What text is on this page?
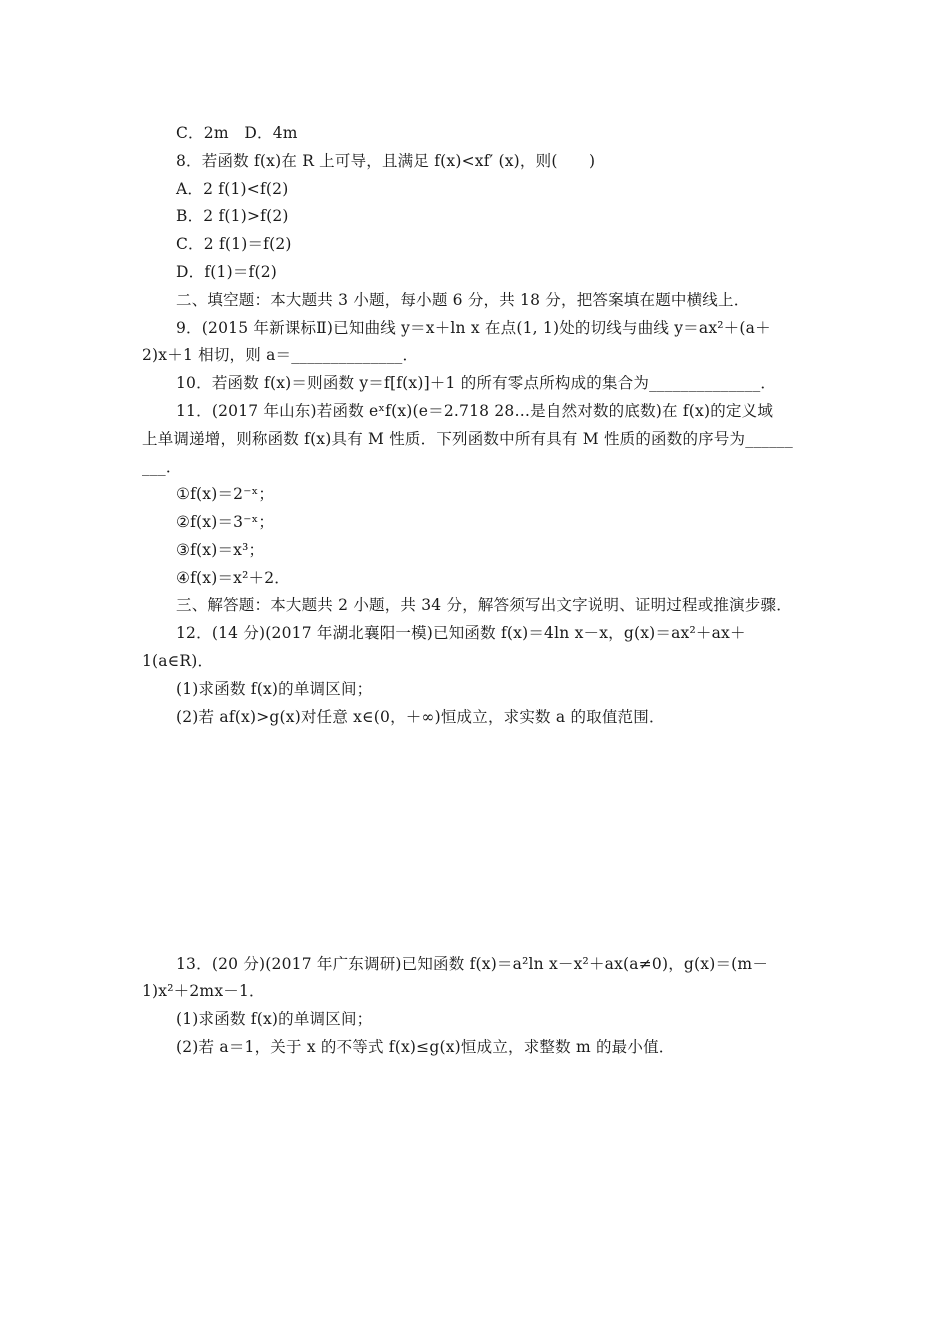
C．2m　D．4m
8．若函数 f(x)在 R 上可导，且满足 f(x)<xf′ (x)，则(　　)
A．2 f(1)<f(2)
B．2 f(1)>f(2)
C．2 f(1)＝f(2)
D．f(1)＝f(2)
二、填空题：本大题共 3 小题，每小题 6 分，共 18 分，把答案填在题中横线上．
9．(2015 年新课标Ⅱ)已知曲线 y＝x＋ln x 在点(1, 1)处的切线与曲线 y＝ax²＋(a＋
2)x＋1 相切，则 a＝______________．
10．若函数 f(x)＝则函数 y＝f[f(x)]＋1 的所有零点所构成的集合为______________．
11．(2017 年山东)若函数 eˣf(x)(e＝2.718 28…是自然对数的底数)在 f(x)的定义域
上单调递增，则称函数 f(x)具有 M 性质．下列函数中所有具有 M 性质的函数的序号为______
___．
①f(x)＝2⁻ˣ；
②f(x)＝3⁻ˣ；
③f(x)＝x³；
④f(x)＝x²＋2．
三、解答题：本大题共 2 小题，共 34 分，解答须写出文字说明、证明过程或推演步骤．
12．(14 分)(2017 年湖北襄阳一模)已知函数 f(x)＝4ln x－x，g(x)＝ax²＋ax＋
1(a∈R)．
(1)求函数 f(x)的单调区间；
(2)若 af(x)>g(x)对任意 x∈(0，＋∞)恒成立，求实数 a 的取值范围．
13．(20 分)(2017 年广东调研)已知函数 f(x)＝a²ln x－x²＋ax(a≠0)，g(x)＝(m－
1)x²＋2mx－1．
(1)求函数 f(x)的单调区间；
(2)若 a＝1，关于 x 的不等式 f(x)≤g(x)恒成立，求整数 m 的最小值．
